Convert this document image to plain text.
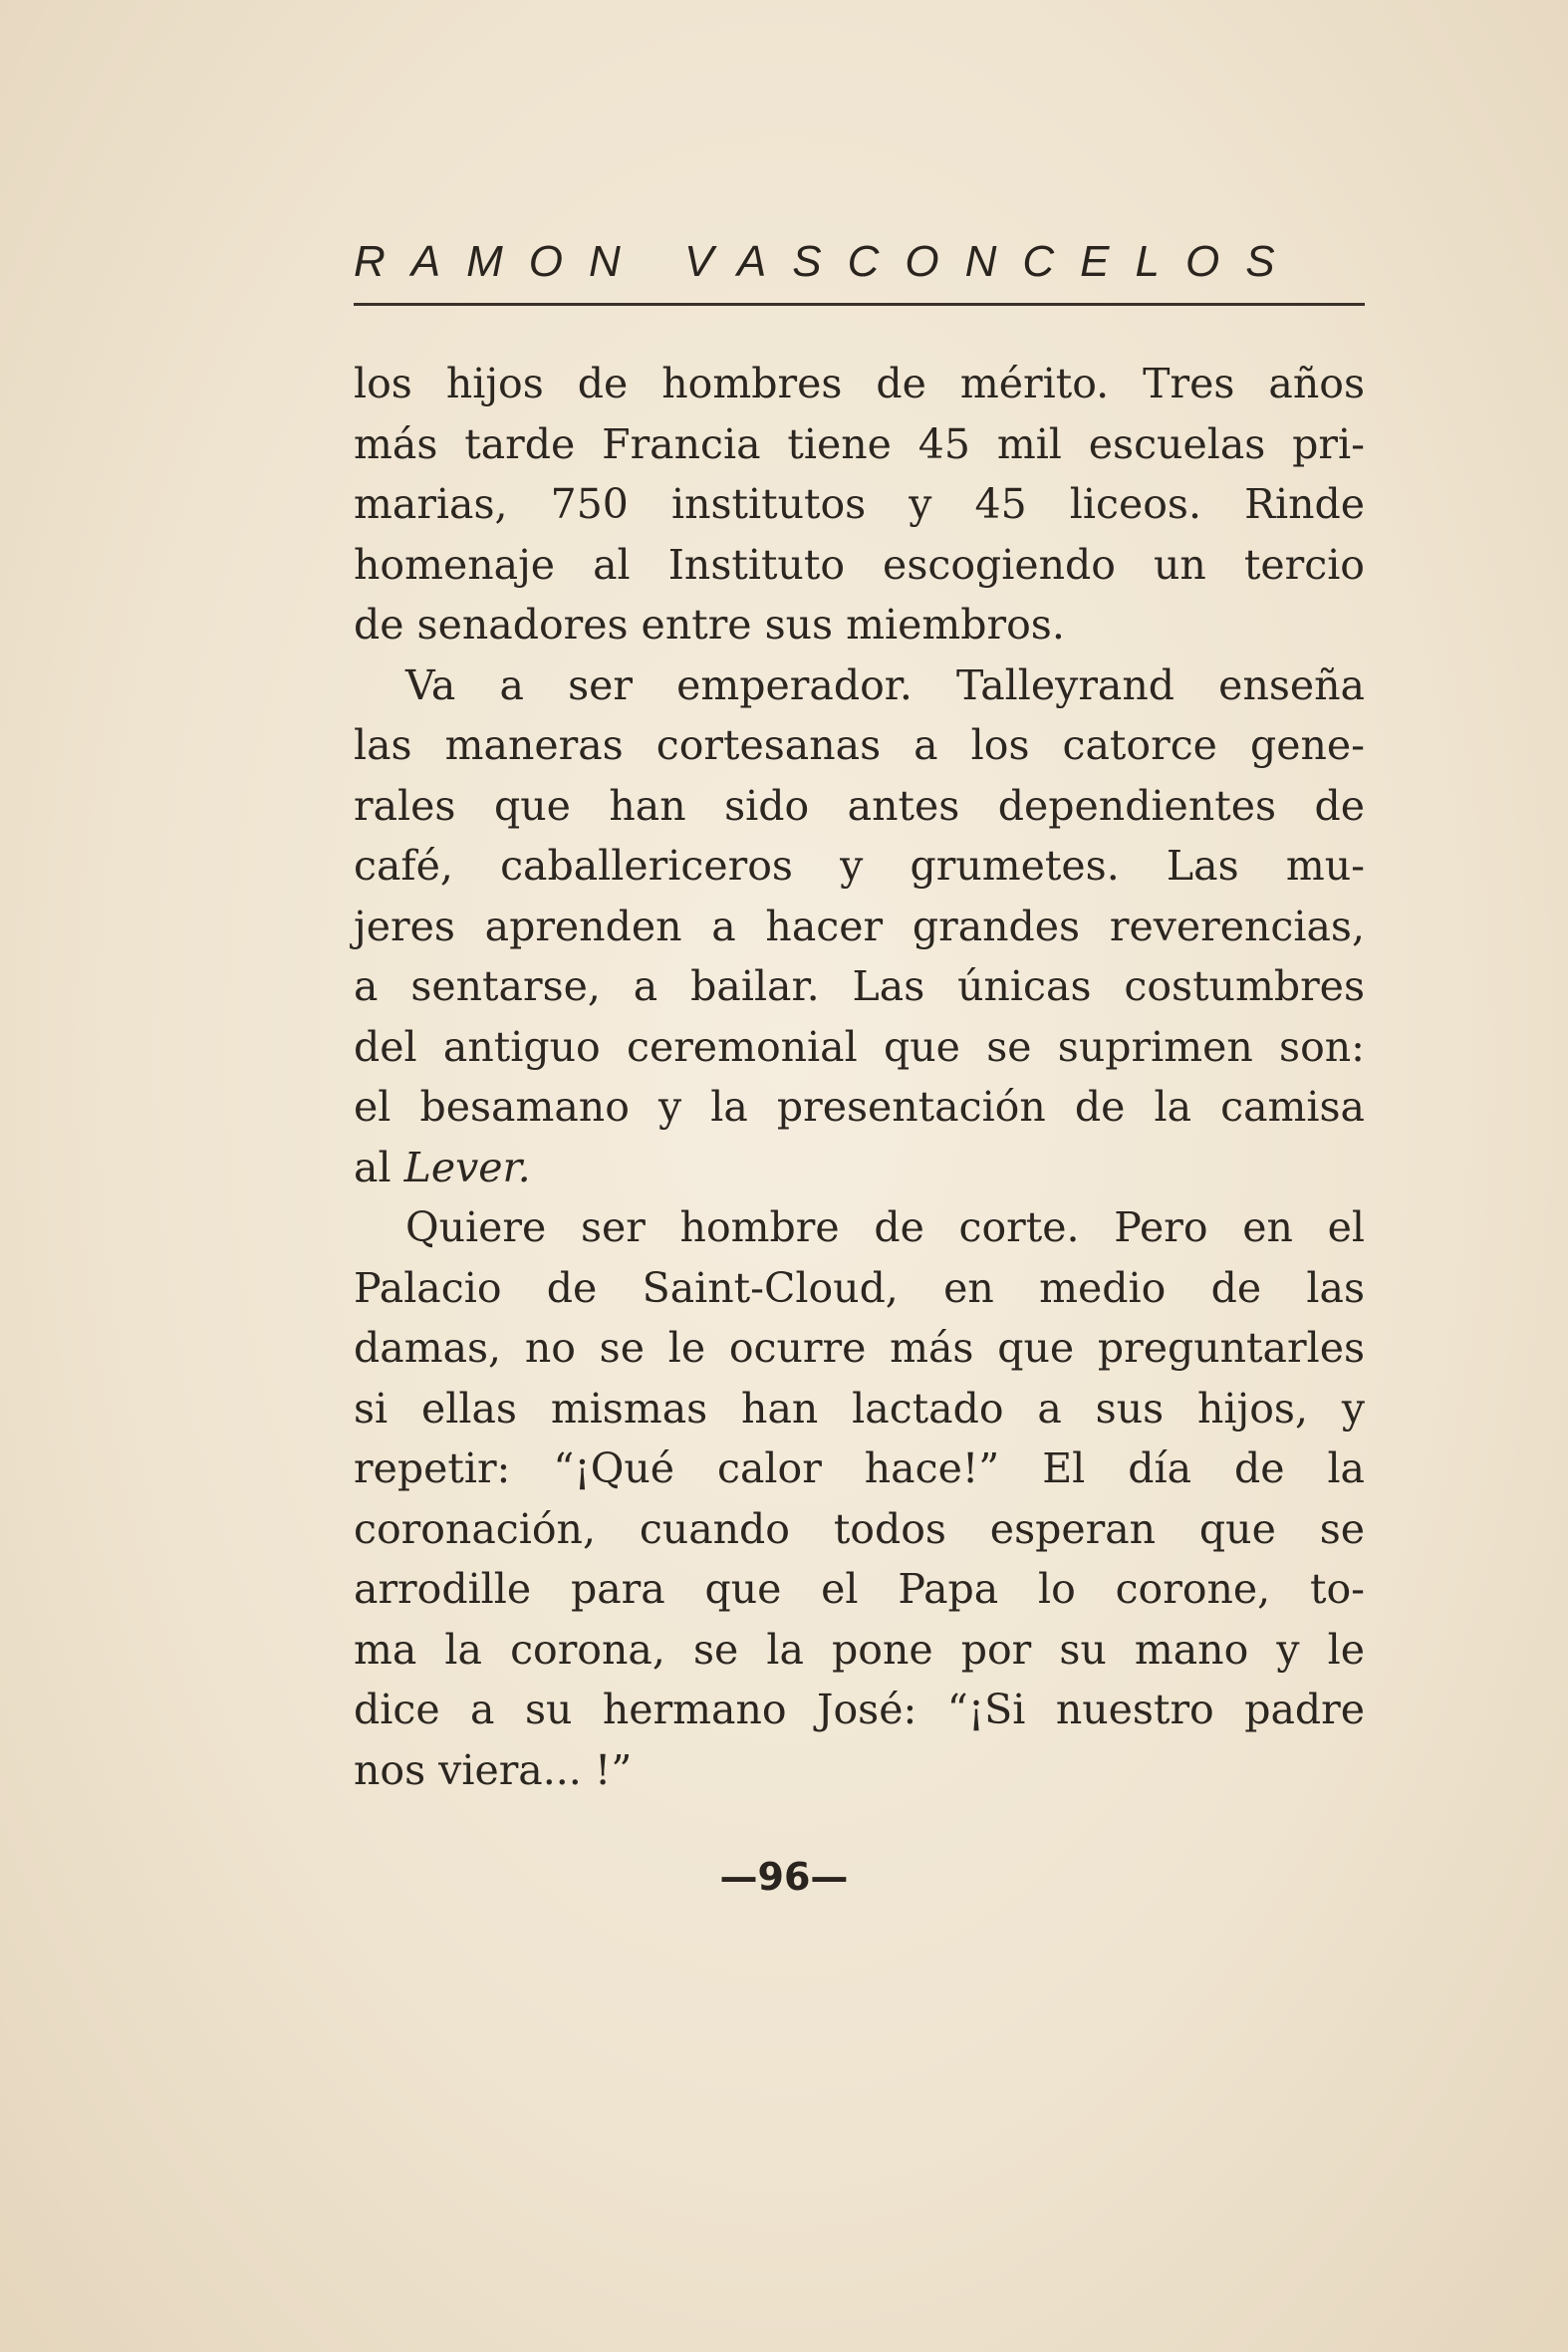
RAMON VASCONCELOS
los hijos de hombres de mérito. Tres años
más tarde Francia tiene 45 mil escuelas pri-
marias, 750 institutos y 45 liceos. Rinde
homenaje al Instituto escogiendo un tercio
de senadores entre sus miembros.
Va a ser emperador. Talleyrand enseña
las maneras cortesanas a los catorce gene-
rales que han sido antes dependientes de
café, caballericeros y grumetes. Las mu-
jeres aprenden a hacer grandes reverencias,
a sentarse, a bailar. Las únicas costumbres
del antiguo ceremonial que se suprimen son:
el besamano y la presentación de la camisa
al Lever.
Quiere ser hombre de corte. Pero en el
Palacio de Saint-Cloud, en medio de las
damas, no se le ocurre más que preguntarles
si ellas mismas han lactado a sus hijos, y
repetir: “¡Qué calor hace!” El día de la
coronación, cuando todos esperan que se
arrodille para que el Papa lo corone, to-
ma la corona, se la pone por su mano y le
dice a su hermano José: “¡Si nuestro padre
nos viera... !”
—96—
